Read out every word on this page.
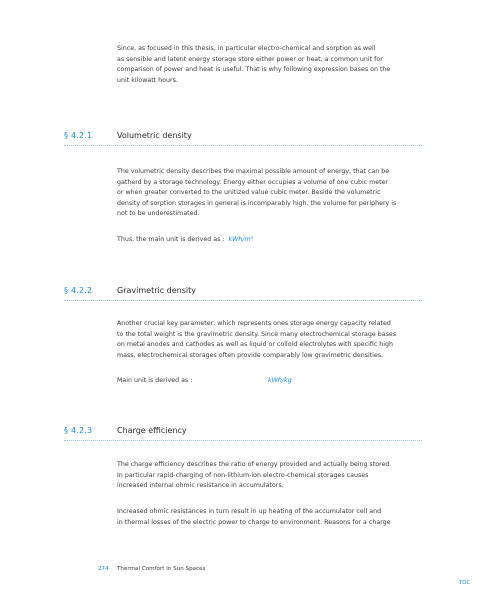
Since, as focused in this thesis, in particular electro-chemical and sorption as well
as sensible and latent energy storage store either power or heat, a common unit for
comparison of power and heat is useful. That is why following expression bases on the
unit kilowatt hours.

§ 4.2.1	Volumetric density

The volumetric density describes the maximal possible amount of energy, that can be
gatherd by a storage technology. Energy either occupies a volume of one cubic meter
or when greater converted to the unitized value cubic meter. Beside the volumetric
density of sorption storages in general is incomparably high, the volume for periphery is
not to be underestimated.

Thus, the main unit is derived as : kWh/m³
§ 4.2.2	Gravimetric density

Another crucial key parameter, which represents ones storage energy capacity related
to the total weight is the gravimetric density. Since many electrochemical storage bases
on metal anodes and cathodes as well as liquid or colloid electrolytes with specific high
mass, electrochemical storages often provide comparably low gravimetric densities.

Main unit is derived as :	kWh/kg
§ 4.2.3	Charge efficiency

The charge efficiency describes the ratio of energy provided and actually being stored.
In particular rapid-charging of non-lithium-ion electro-chemical storages causes
increased internal ohmic resistance in accumulators.

Increased ohmic resistances in turn result in up heating of the accumulator cell and
in thermal losses of the electric power to charge to environment. Reasons for a charge

274 Thermal Comfort in Sun Spaces
TOC
